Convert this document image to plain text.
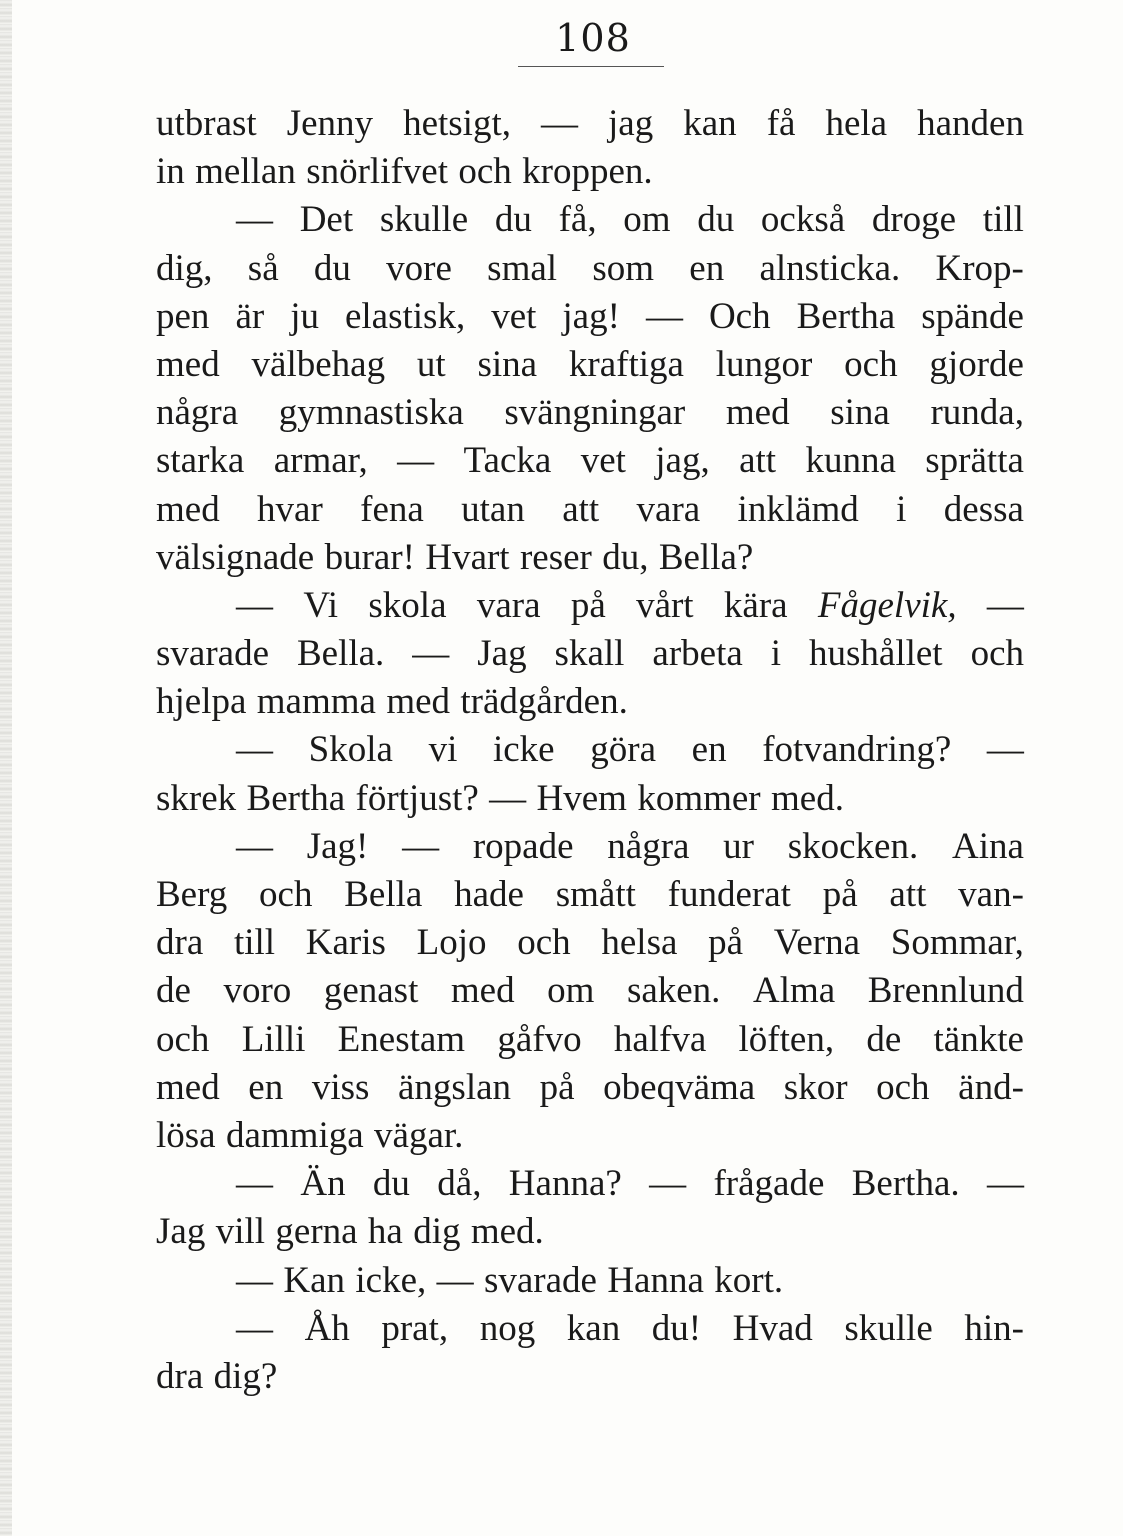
108
utbrast Jenny hetsigt, — jag kan få hela handen
in mellan snörlifvet och kroppen.
— Det skulle du få, om du också droge till
dig, så du vore smal som en alnsticka. Krop-
pen är ju elastisk, vet jag! — Och Bertha spände
med välbehag ut sina kraftiga lungor och gjorde
några gymnastiska svängningar med sina runda,
starka armar, — Tacka vet jag, att kunna sprätta
med hvar fena utan att vara inklämd i dessa
välsignade burar! Hvart reser du, Bella?
— Vi skola vara på vårt kära Fågelvik, —
svarade Bella. — Jag skall arbeta i hushållet och
hjelpa mamma med trädgården.
— Skola vi icke göra en fotvandring? —
skrek Bertha förtjust? — Hvem kommer med.
— Jag! — ropade några ur skocken. Aina
Berg och Bella hade smått funderat på att van-
dra till Karis Lojo och helsa på Verna Sommar,
de voro genast med om saken. Alma Brennlund
och Lilli Enestam gåfvo halfva löften, de tänkte
med en viss ängslan på obeqväma skor och änd-
lösa dammiga vägar.
— Än du då, Hanna? — frågade Bertha. —
Jag vill gerna ha dig med.
— Kan icke, — svarade Hanna kort.
— Åh prat, nog kan du! Hvad skulle hin-
dra dig?
